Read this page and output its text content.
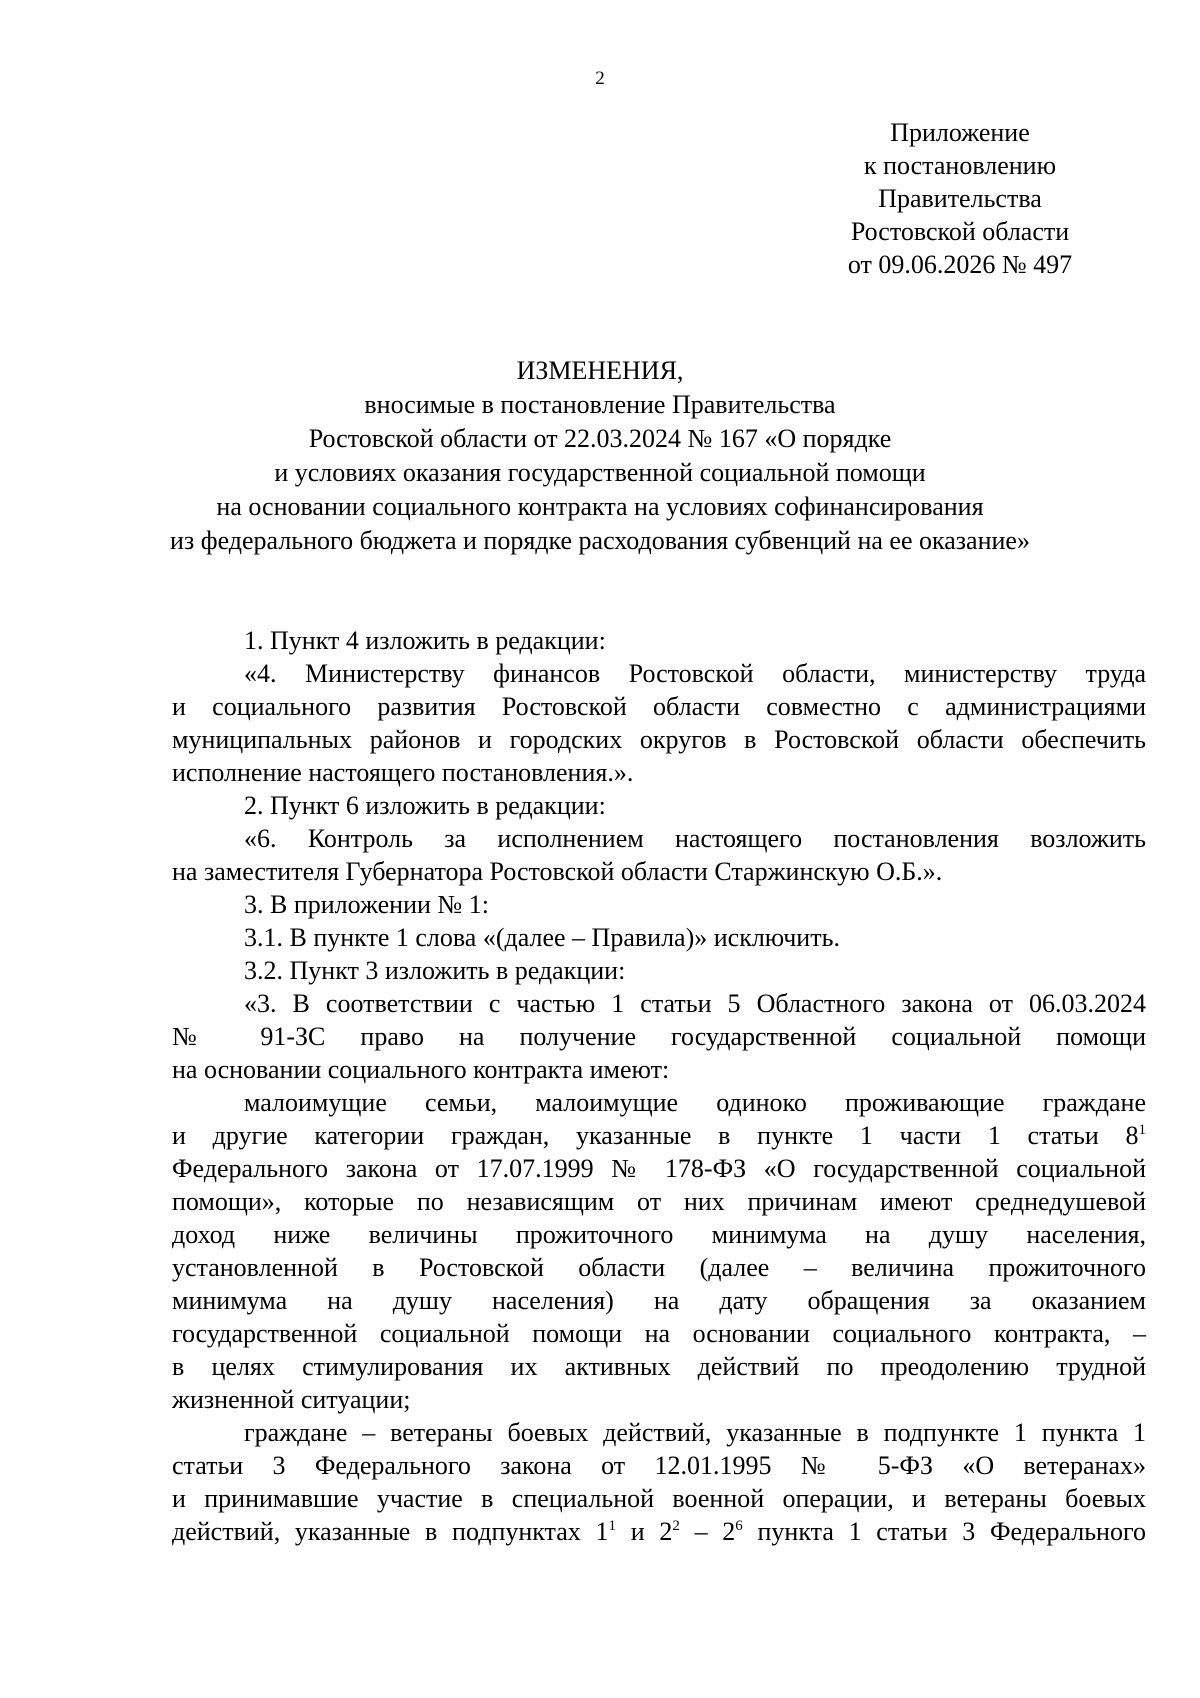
2
Приложение
к постановлению
Правительства
Ростовской области
от 09.06.2026 № 497
ИЗМЕНЕНИЯ,
вносимые в постановление Правительства
Ростовской области от 22.03.2024 № 167 «О порядке
и условиях оказания государственной социальной помощи
на основании социального контракта на условиях софинансирования
из федерального бюджета и порядке расходования субвенций на ее оказание»
1. Пункт 4 изложить в редакции:
«4. Министерству финансов Ростовской области, министерству труда
и социального развития Ростовской области совместно с администрациями
муниципальных районов и городских округов в Ростовской области обеспечить
исполнение настоящего постановления.».
2. Пункт 6 изложить в редакции:
«6. Контроль за исполнением настоящего постановления возложить
на заместителя Губернатора Ростовской области Старжинскую О.Б.».
3. В приложении № 1:
3.1. В пункте 1 слова «(далее – Правила)» исключить.
3.2. Пункт 3 изложить в редакции:
«3. В соответствии с частью 1 статьи 5 Областного закона от 06.03.2024
№ 91-ЗС право на получение государственной социальной помощи
на основании социального контракта имеют:
малоимущие семьи, малоимущие одиноко проживающие граждане
и другие категории граждан, указанные в пункте 1 части 1 статьи $8^1$
Федерального закона от 17.07.1999 № 178-ФЗ «О государственной социальной
помощи», которые по независящим от них причинам имеют среднедушевой
доход ниже величины прожиточного минимума на душу населения,
установленной в Ростовской области (далее – величина прожиточного
минимума на душу населения) на дату обращения за оказанием
государственной социальной помощи на основании социального контракта, –
в целях стимулирования их активных действий по преодолению трудной
жизненной ситуации;
граждане – ветераны боевых действий, указанные в подпункте 1 пункта 1
статьи 3 Федерального закона от 12.01.1995 № 5-ФЗ «О ветеранах»
и принимавшие участие в специальной военной операции, и ветераны боевых
действий, указанные в подпунктах $1^1$ и $2^2 - 2^6$ пункта 1 статьи 3 Федерального
